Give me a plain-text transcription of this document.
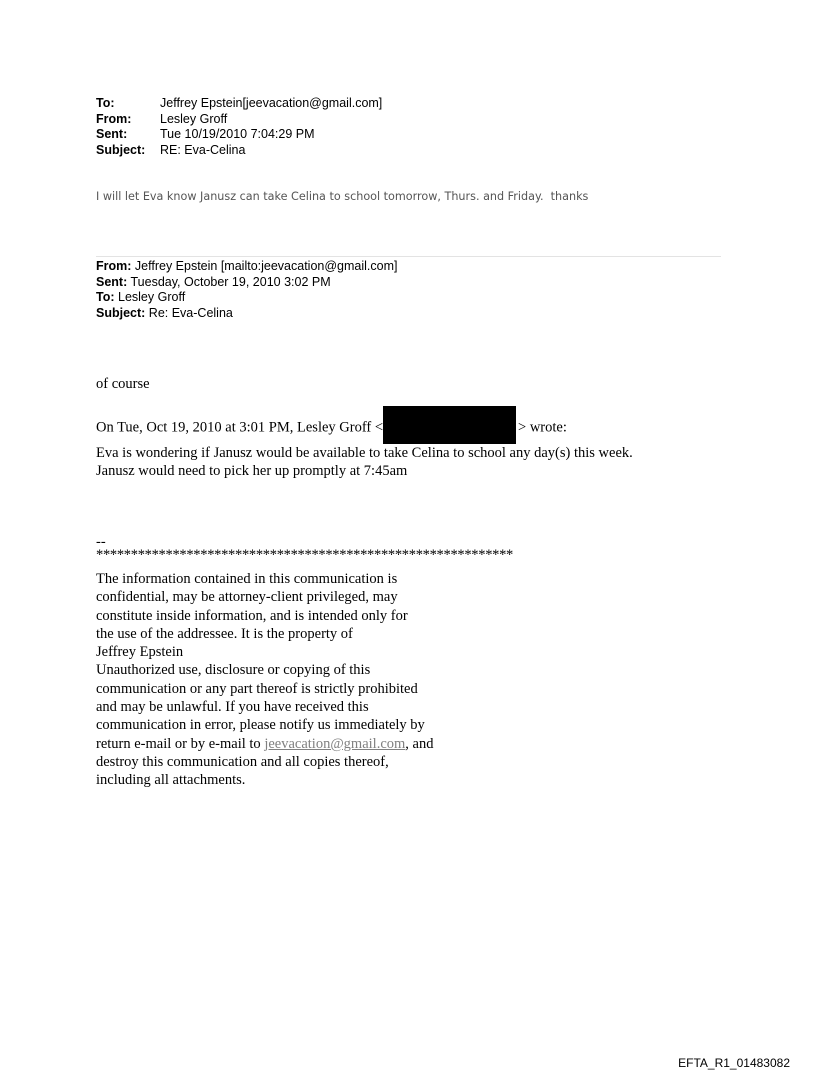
To:	Jeffrey Epstein[jeevacation@gmail.com]
From:	Lesley Groff
Sent:	Tue 10/19/2010 7:04:29 PM
Subject:	RE: Eva-Celina
I will let Eva know Janusz can take Celina to school tomorrow, Thurs. and Friday.  thanks
From: Jeffrey Epstein [mailto:jeevacation@gmail.com]
Sent: Tuesday, October 19, 2010 3:02 PM
To: Lesley Groff
Subject: Re: Eva-Celina
of course
On Tue, Oct 19, 2010 at 3:01 PM, Lesley Groff <	> wrote:
Eva is wondering if Janusz would be available to take Celina to school any day(s) this week.
Janusz would need to pick her up promptly at 7:45am
--
************************************************************
The information contained in this communication is
confidential, may be attorney-client privileged, may
constitute inside information, and is intended only for
the use of the addressee. It is the property of
Jeffrey Epstein
Unauthorized use, disclosure or copying of this
communication or any part thereof is strictly prohibited
and may be unlawful. If you have received this
communication in error, please notify us immediately by
return e-mail or by e-mail to jeevacation@gmail.com, and
destroy this communication and all copies thereof,
including all attachments.
EFTA_R1_01483082
